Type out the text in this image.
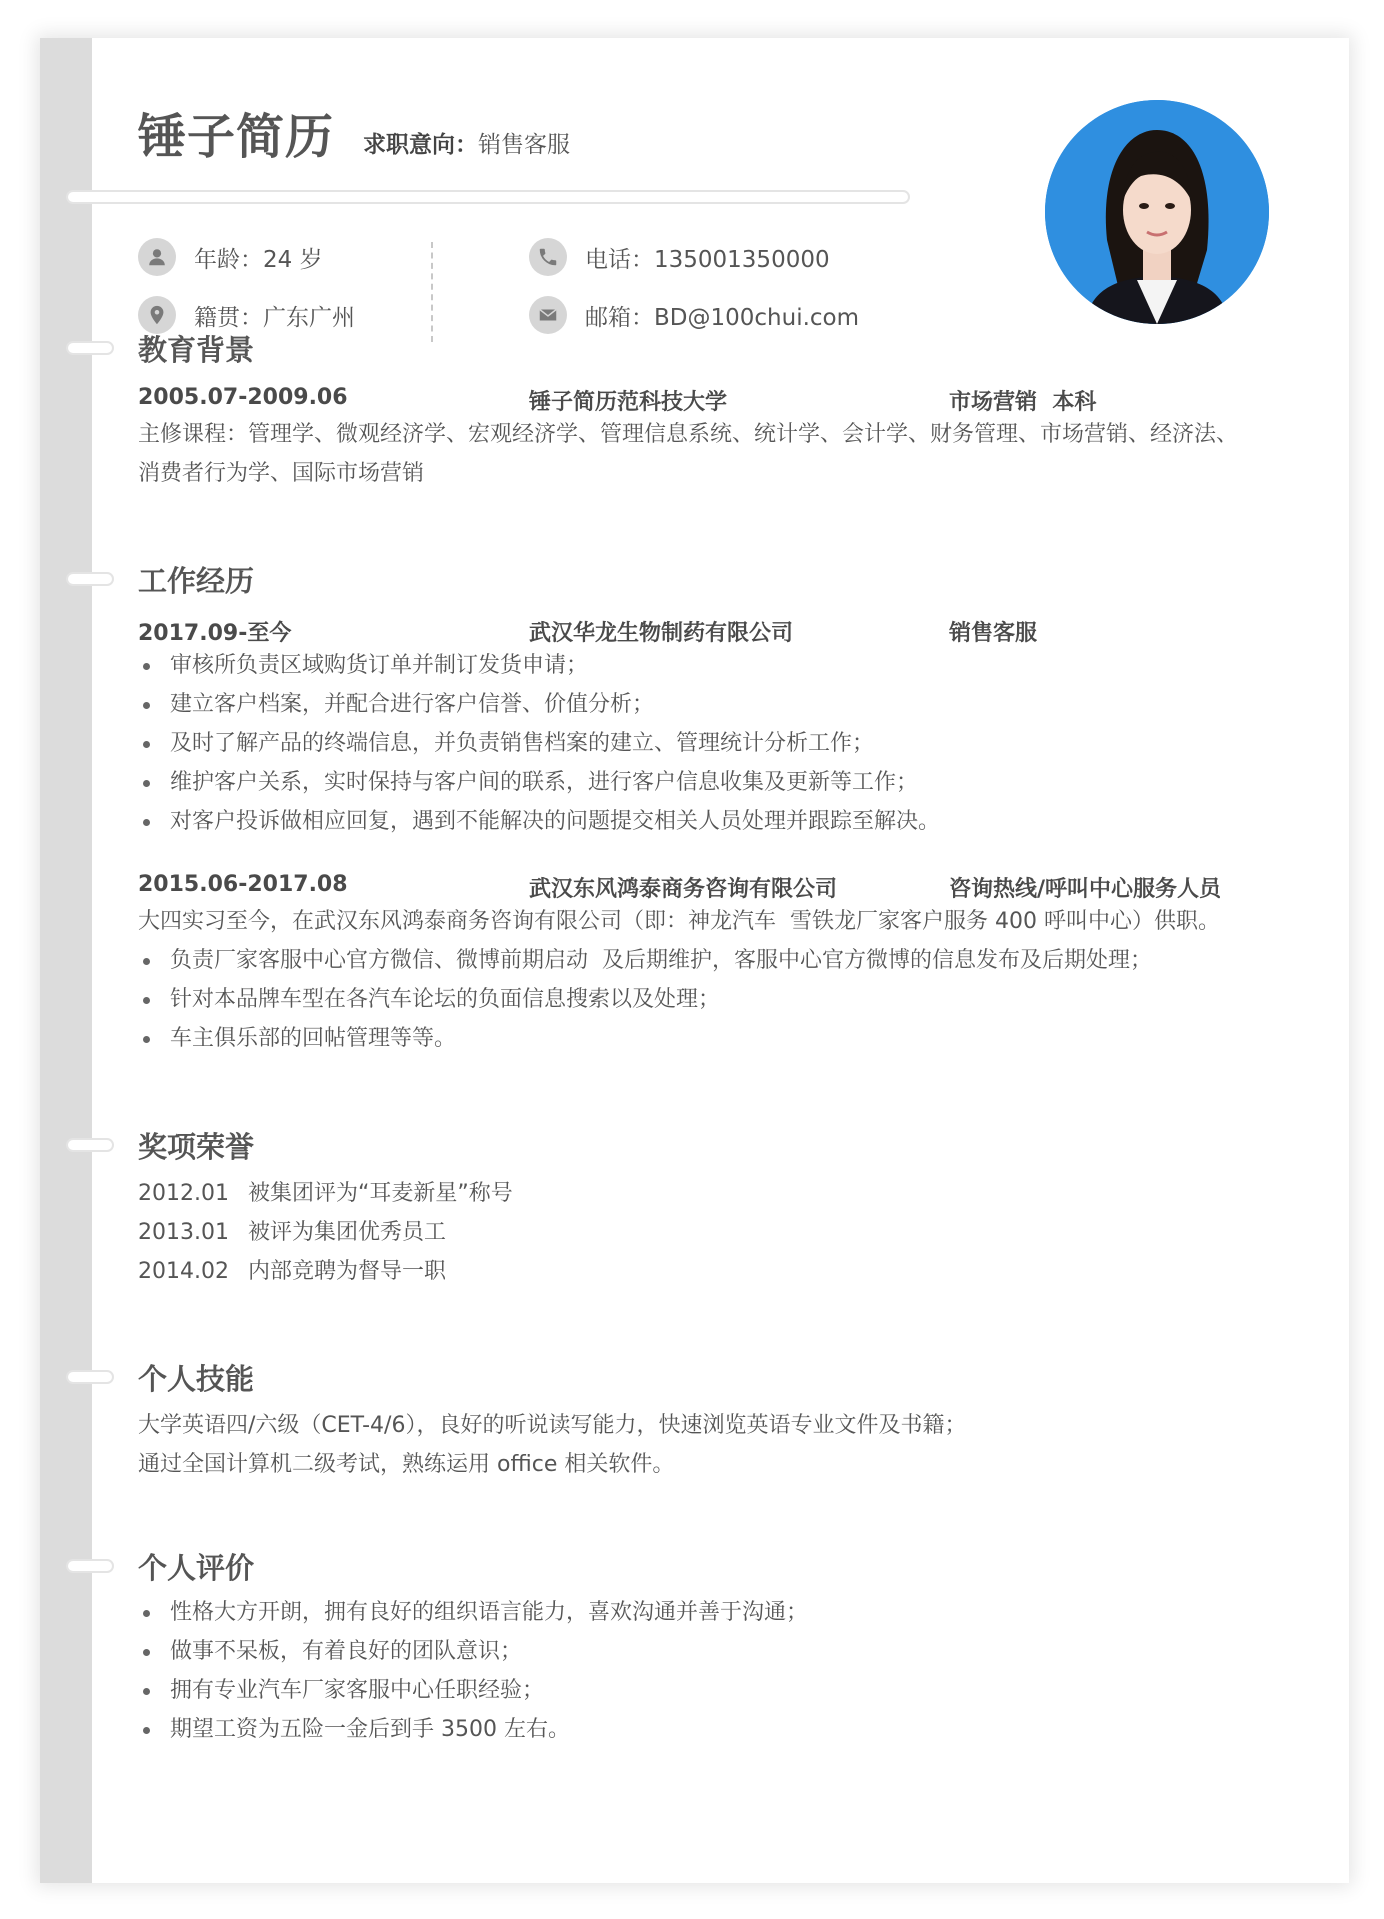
锤子简历 求职意向：销售客服
年龄：24 岁
籍贯：广东广州
电话：135001350000
邮箱：BD@100chui.com
教育背景
2005.07-2009.06	锤子简历范科技大学	市场营销  本科
主修课程：管理学、微观经济学、宏观经济学、管理信息系统、统计学、会计学、财务管理、市场营销、经济法、
消费者行为学、国际市场营销
工作经历
2017.09-至今	武汉华龙生物制药有限公司	销售客服
审核所负责区域购货订单并制订发货申请；
建立客户档案，并配合进行客户信誉、价值分析；
及时了解产品的终端信息，并负责销售档案的建立、管理统计分析工作；
维护客户关系，实时保持与客户间的联系，进行客户信息收集及更新等工作；
对客户投诉做相应回复，遇到不能解决的问题提交相关人员处理并跟踪至解决。
2015.06-2017.08	武汉东风鸿泰商务咨询有限公司	咨询热线/呼叫中心服务人员
大四实习至今，在武汉东风鸿泰商务咨询有限公司（即：神龙汽车  雪铁龙厂家客户服务 400 呼叫中心）供职。
负责厂家客服中心官方微信、微博前期启动  及后期维护，客服中心官方微博的信息发布及后期处理；
针对本品牌车型在各汽车论坛的负面信息搜索以及处理；
车主俱乐部的回帖管理等等。
奖项荣誉
2012.01 被集团评为“耳麦新星”称号
2013.01 被评为集团优秀员工
2014.02 内部竞聘为督导一职
个人技能
大学英语四/六级（CET-4/6），良好的听说读写能力，快速浏览英语专业文件及书籍；
通过全国计算机二级考试，熟练运用 office 相关软件。
个人评价
性格大方开朗，拥有良好的组织语言能力，喜欢沟通并善于沟通；
做事不呆板，有着良好的团队意识；
拥有专业汽车厂家客服中心任职经验；
期望工资为五险一金后到手 3500 左右。
